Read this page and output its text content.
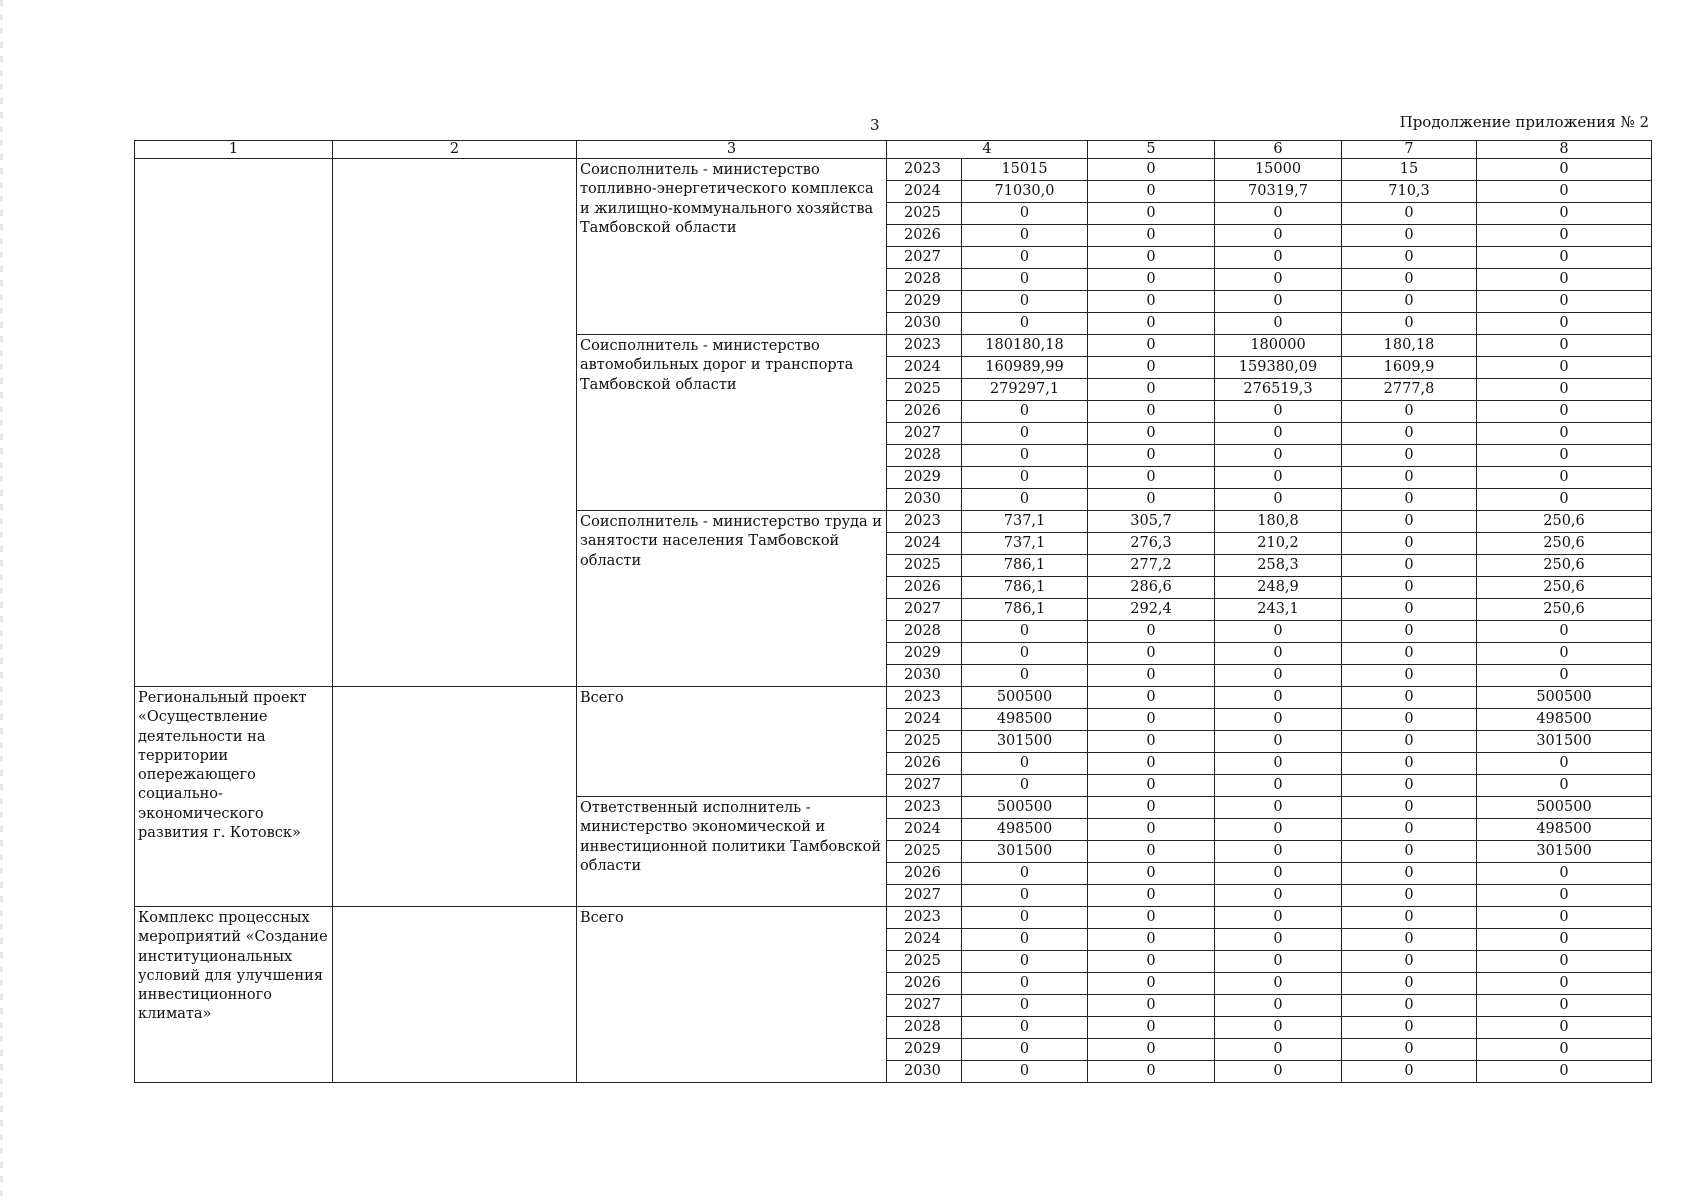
3	Продолжение приложения № 2
1	2	3	4		5	6	7	8
		Соисполнитель - министерство топливно-энергетического комплекса и жилищно-коммунального хозяйства Тамбовской области	2023	15015	0	15000	15	0
			2024	71030,0	0	70319,7	710,3	0
			2025	0	0	0	0	0
			2026	0	0	0	0	0
			2027	0	0	0	0	0
			2028	0	0	0	0	0
			2029	0	0	0	0	0
			2030	0	0	0	0	0
		Соисполнитель - министерство автомобильных дорог и транспорта Тамбовской области	2023	180180,18	0	180000	180,18	0
			2024	160989,99	0	159380,09	1609,9	0
			2025	279297,1	0	276519,3	2777,8	0
			2026	0	0	0	0	0
			2027	0	0	0	0	0
			2028	0	0	0	0	0
			2029	0	0	0	0	0
			2030	0	0	0	0	0
		Соисполнитель - министерство труда и занятости населения Тамбовской области	2023	737,1	305,7	180,8	0	250,6
			2024	737,1	276,3	210,2	0	250,6
			2025	786,1	277,2	258,3	0	250,6
			2026	786,1	286,6	248,9	0	250,6
			2027	786,1	292,4	243,1	0	250,6
			2028	0	0	0	0	0
			2029	0	0	0	0	0
			2030	0	0	0	0	0
Региональный проект «Осуществление деятельности на территории опережающего социально-экономического развития г. Котовск»		Всего	2023	500500	0	0	0	500500
			2024	498500	0	0	0	498500
			2025	301500	0	0	0	301500
			2026	0	0	0	0	0
			2027	0	0	0	0	0
		Ответственный исполнитель - министерство экономической и инвестиционной политики Тамбовской области	2023	500500	0	0	0	500500
			2024	498500	0	0	0	498500
			2025	301500	0	0	0	301500
			2026	0	0	0	0	0
			2027	0	0	0	0	0
Комплекс процессных мероприятий «Создание институциональных условий для улучшения инвестиционного климата»		Всего	2023	0	0	0	0	0
			2024	0	0	0	0	0
			2025	0	0	0	0	0
			2026	0	0	0	0	0
			2027	0	0	0	0	0
			2028	0	0	0	0	0
			2029	0	0	0	0	0
			2030	0	0	0	0	0
